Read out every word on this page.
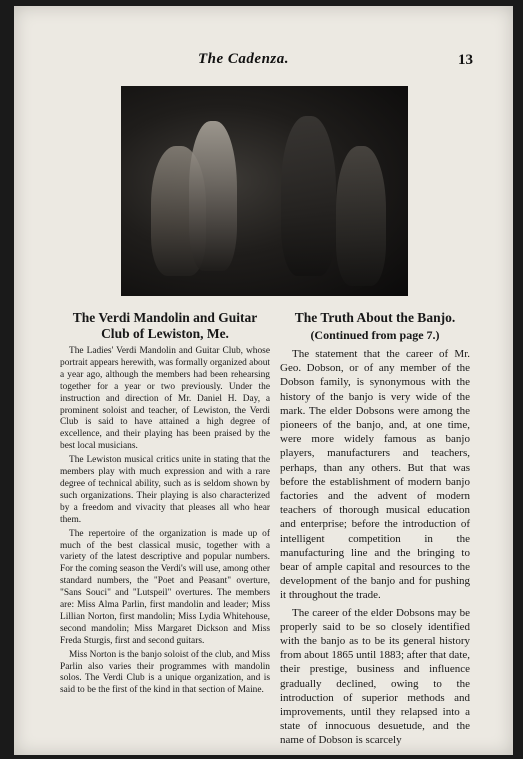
The Cadenza.	13
The Verdi Mandolin and Guitar Club of Lewiston, Me.

The Ladies' Verdi Mandolin and Guitar Club, whose portrait appears herewith, was formally organized about a year ago, although the members had been rehearsing together for a year or two previously. Under the instruction and direction of Mr. Daniel H. Day, a prominent soloist and teacher, of Lewiston, the Verdi Club is said to have attained a high degree of excellence, and their playing has been praised by the best local musicians.

The Lewiston musical critics unite in stating that the members play with much expression and with a rare degree of technical ability, such as is seldom shown by such organizations. Their playing is also characterized by a freedom and vivacity that pleases all who hear them.

The repertoire of the organization is made up of much of the best classical music, together with a variety of the latest descriptive and popular numbers. For the coming season the Verdi's will use, among other standard numbers, the "Poet and Peasant" overture, "Sans Souci" and "Lutspeil" overtures. The members are: Miss Alma Parlin, first mandolin and leader; Miss Lillian Norton, first mandolin; Miss Lydia Whitehouse, second mandolin; Miss Margaret Dickson and Miss Freda Sturgis, first and second guitars.

Miss Norton is the banjo soloist of the club, and Miss Parlin also varies their programmes with mandolin solos. The Verdi Club is a unique organization, and is said to be the first of the kind in that section of Maine.

The Truth About the Banjo.
(Continued from page 7.)

The statement that the career of Mr. Geo. Dobson, or of any member of the Dobson family, is synonymous with the history of the banjo is very wide of the mark. The elder Dobsons were among the pioneers of the banjo, and, at one time, were more widely famous as banjo players, manufacturers and teachers, perhaps, than any others. But that was before the establishment of modern banjo factories and the advent of modern teachers of thorough musical education and enterprise; before the introduction of intelligent competition in the manufacturing line and the bringing to bear of ample capital and resources to the development of the banjo and for pushing it throughout the trade.

The career of the elder Dobsons may be properly said to be so closely identified with the banjo as to be its general history from about 1865 until 1883; after that date, their prestige, business and influence gradually declined, owing to the introduction of superior methods and improvements, until they relapsed into a state of innocuous desuetude, and the name of Dobson is scarcely
